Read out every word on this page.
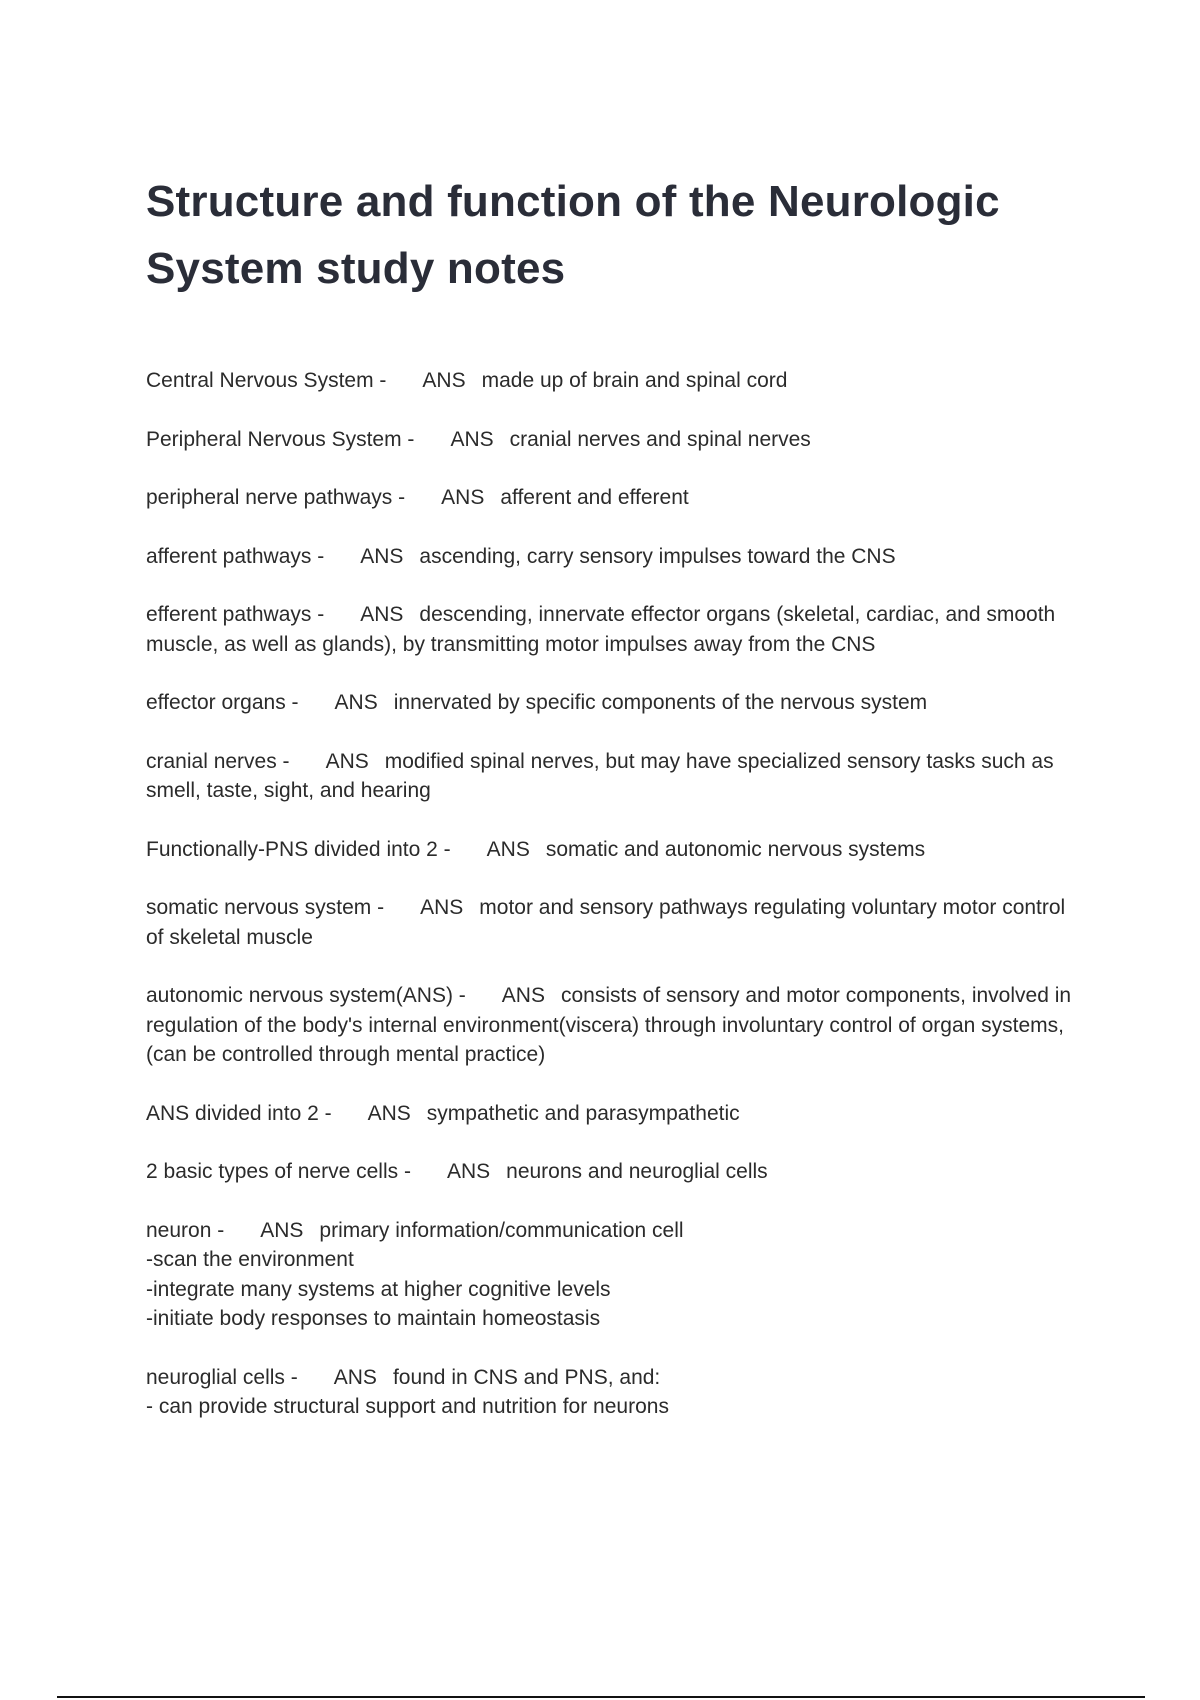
Structure and function of the Neurologic System study notes

Central Nervous System - ANS made up of brain and spinal cord

Peripheral Nervous System - ANS cranial nerves and spinal nerves

peripheral nerve pathways - ANS afferent and efferent

afferent pathways - ANS ascending, carry sensory impulses toward the CNS

efferent pathways - ANS descending, innervate effector organs (skeletal, cardiac, and smooth muscle, as well as glands), by transmitting motor impulses away from the CNS

effector organs - ANS innervated by specific components of the nervous system

cranial nerves - ANS modified spinal nerves, but may have specialized sensory tasks such as smell, taste, sight, and hearing

Functionally-PNS divided into 2 - ANS somatic and autonomic nervous systems

somatic nervous system - ANS motor and sensory pathways regulating voluntary motor control of skeletal muscle

autonomic nervous system(ANS) - ANS consists of sensory and motor components, involved in regulation of the body's internal environment(viscera) through involuntary control of organ systems,
(can be controlled through mental practice)

ANS divided into 2 - ANS sympathetic and parasympathetic

2 basic types of nerve cells - ANS neurons and neuroglial cells

neuron - ANS primary information/communication cell
-scan the environment
-integrate many systems at higher cognitive levels
-initiate body responses to maintain homeostasis

neuroglial cells - ANS found in CNS and PNS, and:
- can provide structural support and nutrition for neurons
